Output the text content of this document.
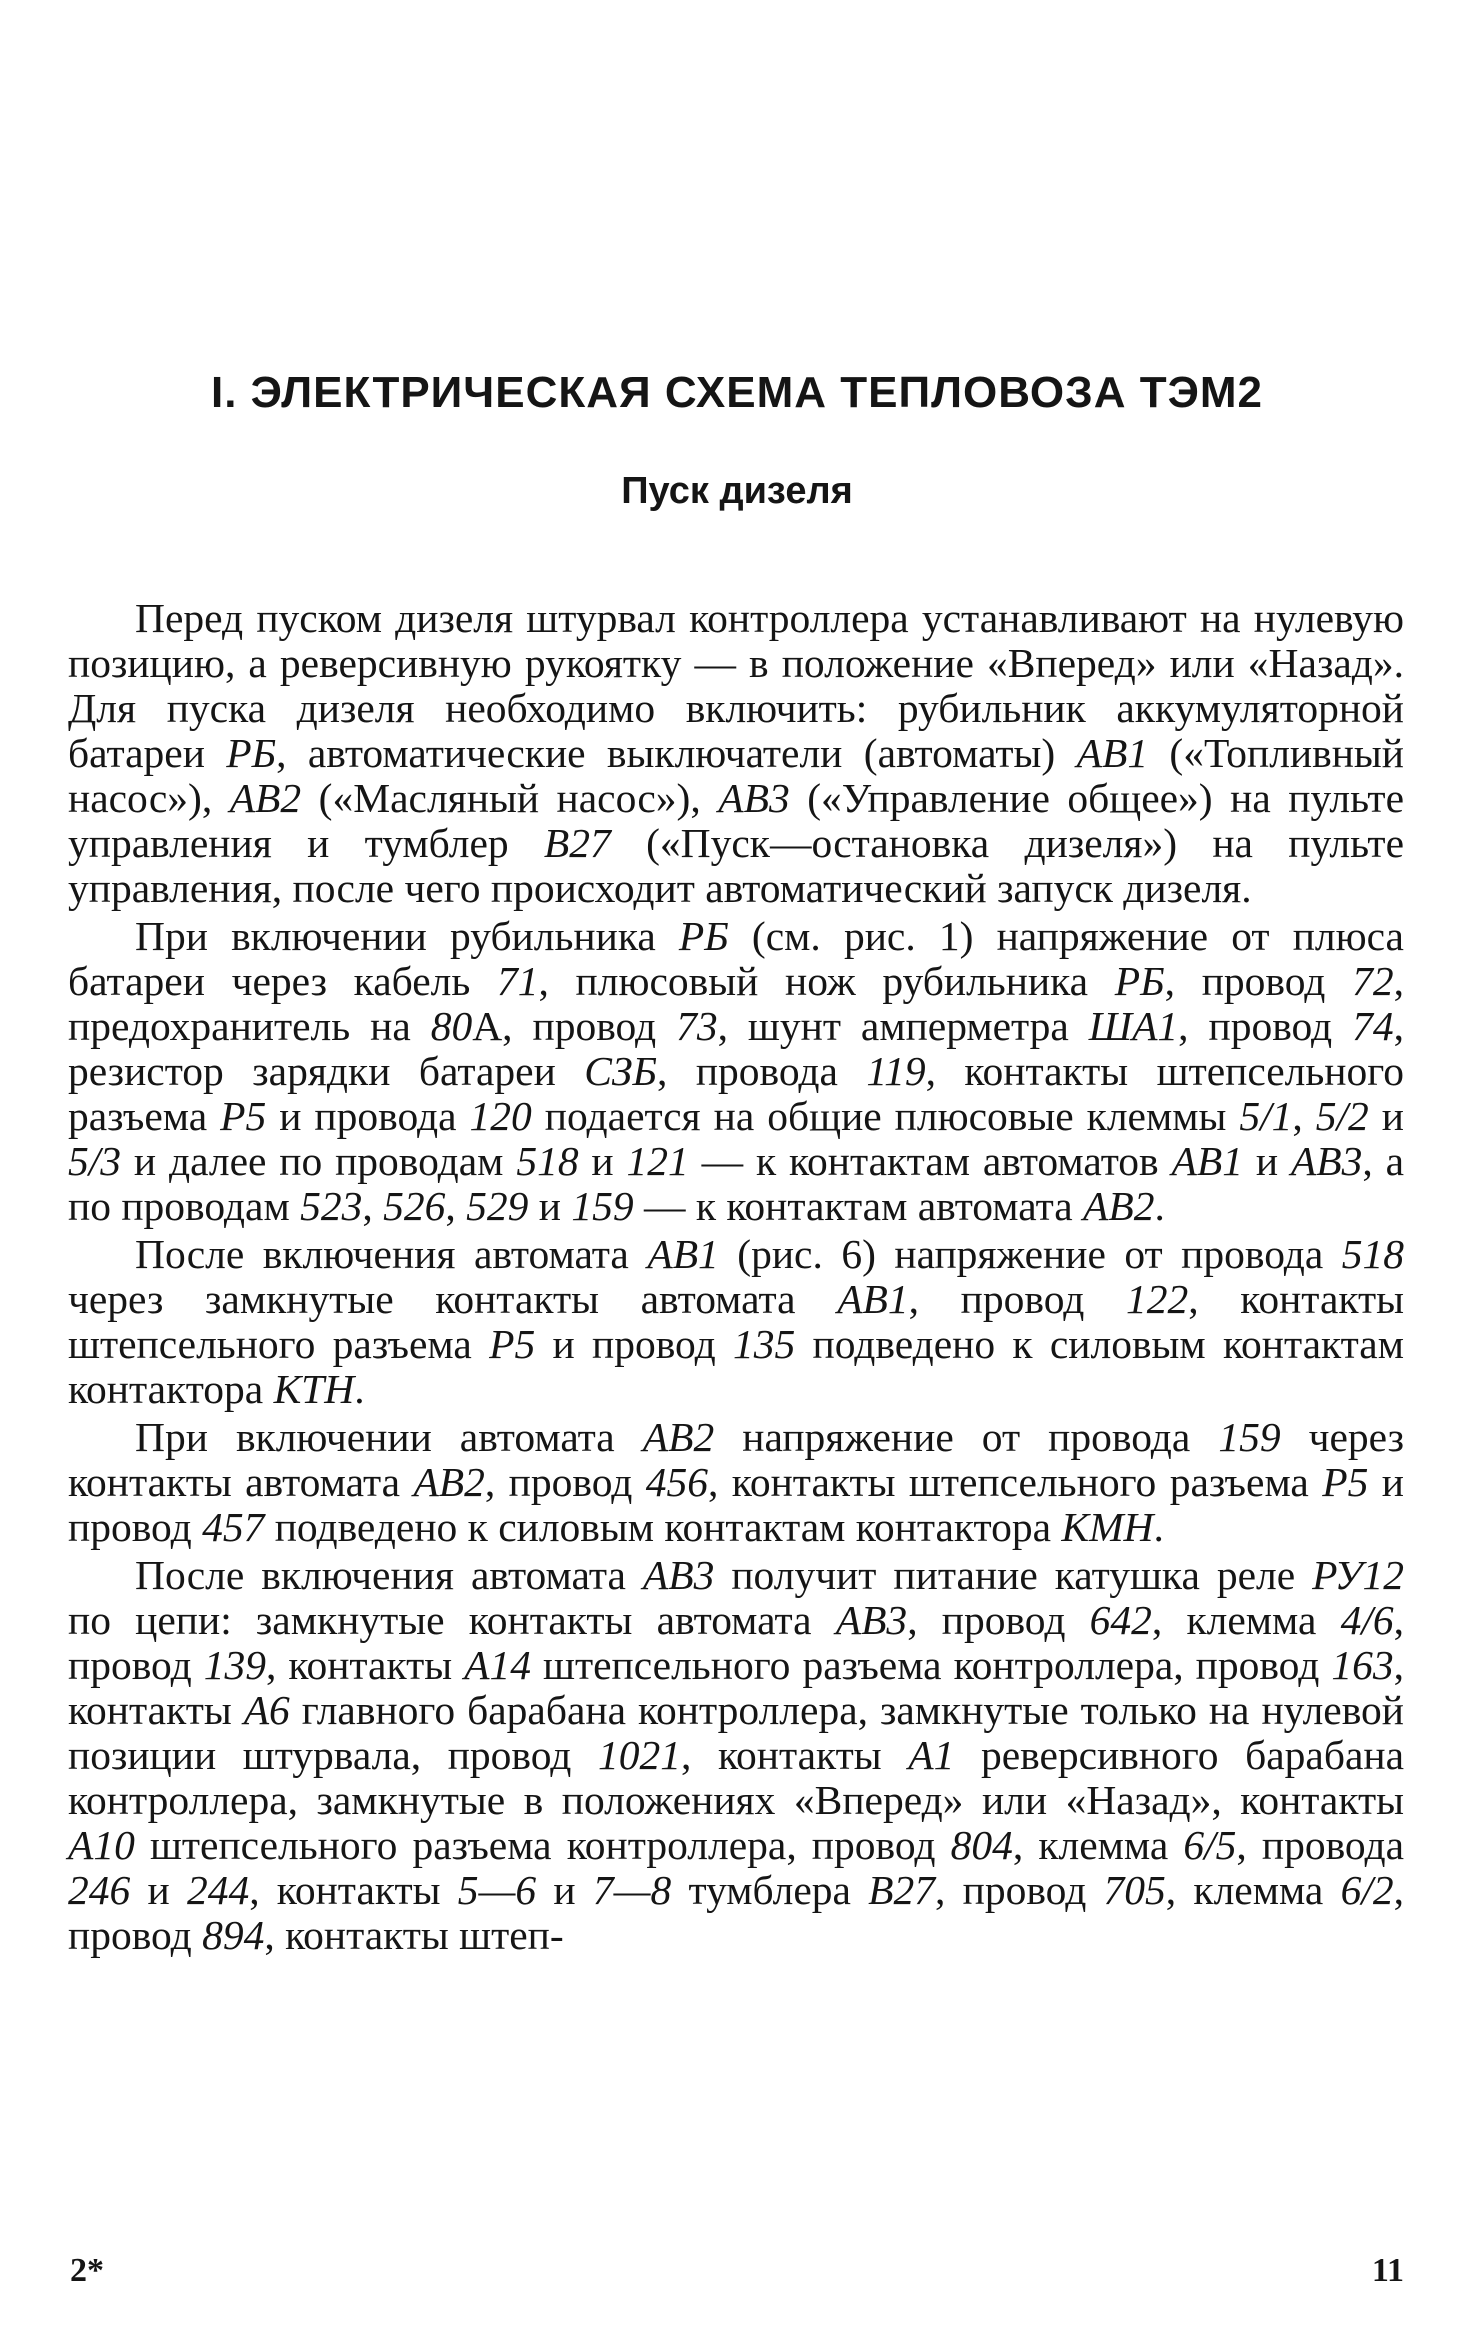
I. ЭЛЕКТРИЧЕСКАЯ СХЕМА ТЕПЛОВОЗА ТЭМ2
Пуск дизеля

Перед пуском дизеля штурвал контроллера устанавливают на нулевую позицию, а реверсивную рукоятку — в положение «Вперед» или «Назад». Для пуска дизеля необходимо включить: рубильник аккумуляторной батареи РБ, автоматические выключатели (автоматы) АВ1 («Топливный насос»), АВ2 («Масляный насос»), АВ3 («Управление общее») на пульте управления и тумблер В27 («Пуск—остановка дизеля») на пульте управления, после чего происходит автоматический запуск дизеля.

При включении рубильника РБ (см. рис. 1) напряжение от плюса батареи через кабель 71, плюсовый нож рубильника РБ, провод 72, предохранитель на 80А, провод 73, шунт амперметра ША1, провод 74, резистор зарядки батареи СЗБ, провода 119, контакты штепсельного разъема Р5 и провода 120 подается на общие плюсовые клеммы 5/1, 5/2 и 5/3 и далее по проводам 518 и 121 — к контактам автоматов АВ1 и АВ3, а по проводам 523, 526, 529 и 159 — к контактам автомата АВ2.

После включения автомата АВ1 (рис. 6) напряжение от провода 518 через замкнутые контакты автомата АВ1, провод 122, контакты штепсельного разъема Р5 и провод 135 подведено к силовым контактам контактора КТН.

При включении автомата АВ2 напряжение от провода 159 через контакты автомата АВ2, провод 456, контакты штепсельного разъема Р5 и провод 457 подведено к силовым контактам контактора КМН.

После включения автомата АВ3 получит питание катушка реле РУ12 по цепи: замкнутые контакты автомата АВ3, провод 642, клемма 4/6, провод 139, контакты А14 штепсельного разъема контроллера, провод 163, контакты А6 главного барабана контроллера, замкнутые только на нулевой позиции штурвала, провод 1021, контакты А1 реверсивного барабана контроллера, замкнутые в положениях «Вперед» или «Назад», контакты А10 штепсельного разъема контроллера, провод 804, клемма 6/5, провода 246 и 244, контакты 5—6 и 7—8 тумблера В27, провод 705, клемма 6/2, провод 894, контакты штеп-

2*	11
